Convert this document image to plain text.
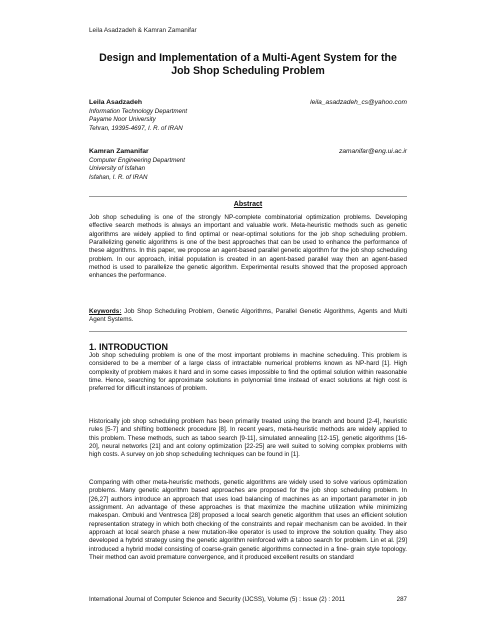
Leila Asadzadeh & Kamran Zamanifar
Design and Implementation of a Multi-Agent System for the Job Shop Scheduling Problem
Leila Asadzadeh	leila_asadzadeh_cs@yahoo.com
Information Technology Department
Payame Noor University
Tehran, 19395-4697, I. R. of IRAN
Kamran Zamanifar	zamanifar@eng.ui.ac.ir
Computer Engineering Department
University of Isfahan
Isfahan, I. R. of IRAN
Abstract
Job shop scheduling is one of the strongly NP-complete combinatorial optimization problems. Developing effective search methods is always an important and valuable work. Meta-heuristic methods such as genetic algorithms are widely applied to find optimal or near-optimal solutions for the job shop scheduling problem. Parallelizing genetic algorithms is one of the best approaches that can be used to enhance the performance of these algorithms. In this paper, we propose an agent-based parallel genetic algorithm for the job shop scheduling problem. In our approach, initial population is created in an agent-based parallel way then an agent-based method is used to parallelize the genetic algorithm. Experimental results showed that the proposed approach enhances the performance.
Keywords: Job Shop Scheduling Problem, Genetic Algorithms, Parallel Genetic Algorithms, Agents and Multi Agent Systems.
1. INTRODUCTION
Job shop scheduling problem is one of the most important problems in machine scheduling. This problem is considered to be a member of a large class of intractable numerical problems known as NP-hard [1]. High complexity of problem makes it hard and in some cases impossible to find the optimal solution within reasonable time. Hence, searching for approximate solutions in polynomial time instead of exact solutions at high cost is preferred for difficult instances of problem.
Historically job shop scheduling problem has been primarily treated using the branch and bound [2-4], heuristic rules [5-7] and shifting bottleneck procedure [8]. In recent years, meta-heuristic methods are widely applied to this problem. These methods, such as taboo search [9-11], simulated annealing [12-15], genetic algorithms [16-20], neural networks [21] and ant colony optimization [22-25] are well suited to solving complex problems with high costs. A survey on job shop scheduling techniques can be found in [1].
Comparing with other meta-heuristic methods, genetic algorithms are widely used to solve various optimization problems. Many genetic algorithm based approaches are proposed for the job shop scheduling problem. In [26,27] authors introduce an approach that uses load balancing of machines as an important parameter in job assignment. An advantage of these approaches is that maximize the machine utilization while minimizing makespan. Ombuki and Ventresca [28] proposed a local search genetic algorithm that uses an efficient solution representation strategy in which both checking of the constraints and repair mechanism can be avoided. In their approach at local search phase a new mutation-like operator is used to improve the solution quality. They also developed a hybrid strategy using the genetic algorithm reinforced with a taboo search for problem. Lin et al. [29] introduced a hybrid model consisting of coarse-grain genetic algorithms connected in a fine- grain style topology. Their method can avoid premature convergence, and it produced excellent results on standard
International Journal of Computer Science and Security (IJCSS), Volume (5) : Issue (2) : 2011	287
